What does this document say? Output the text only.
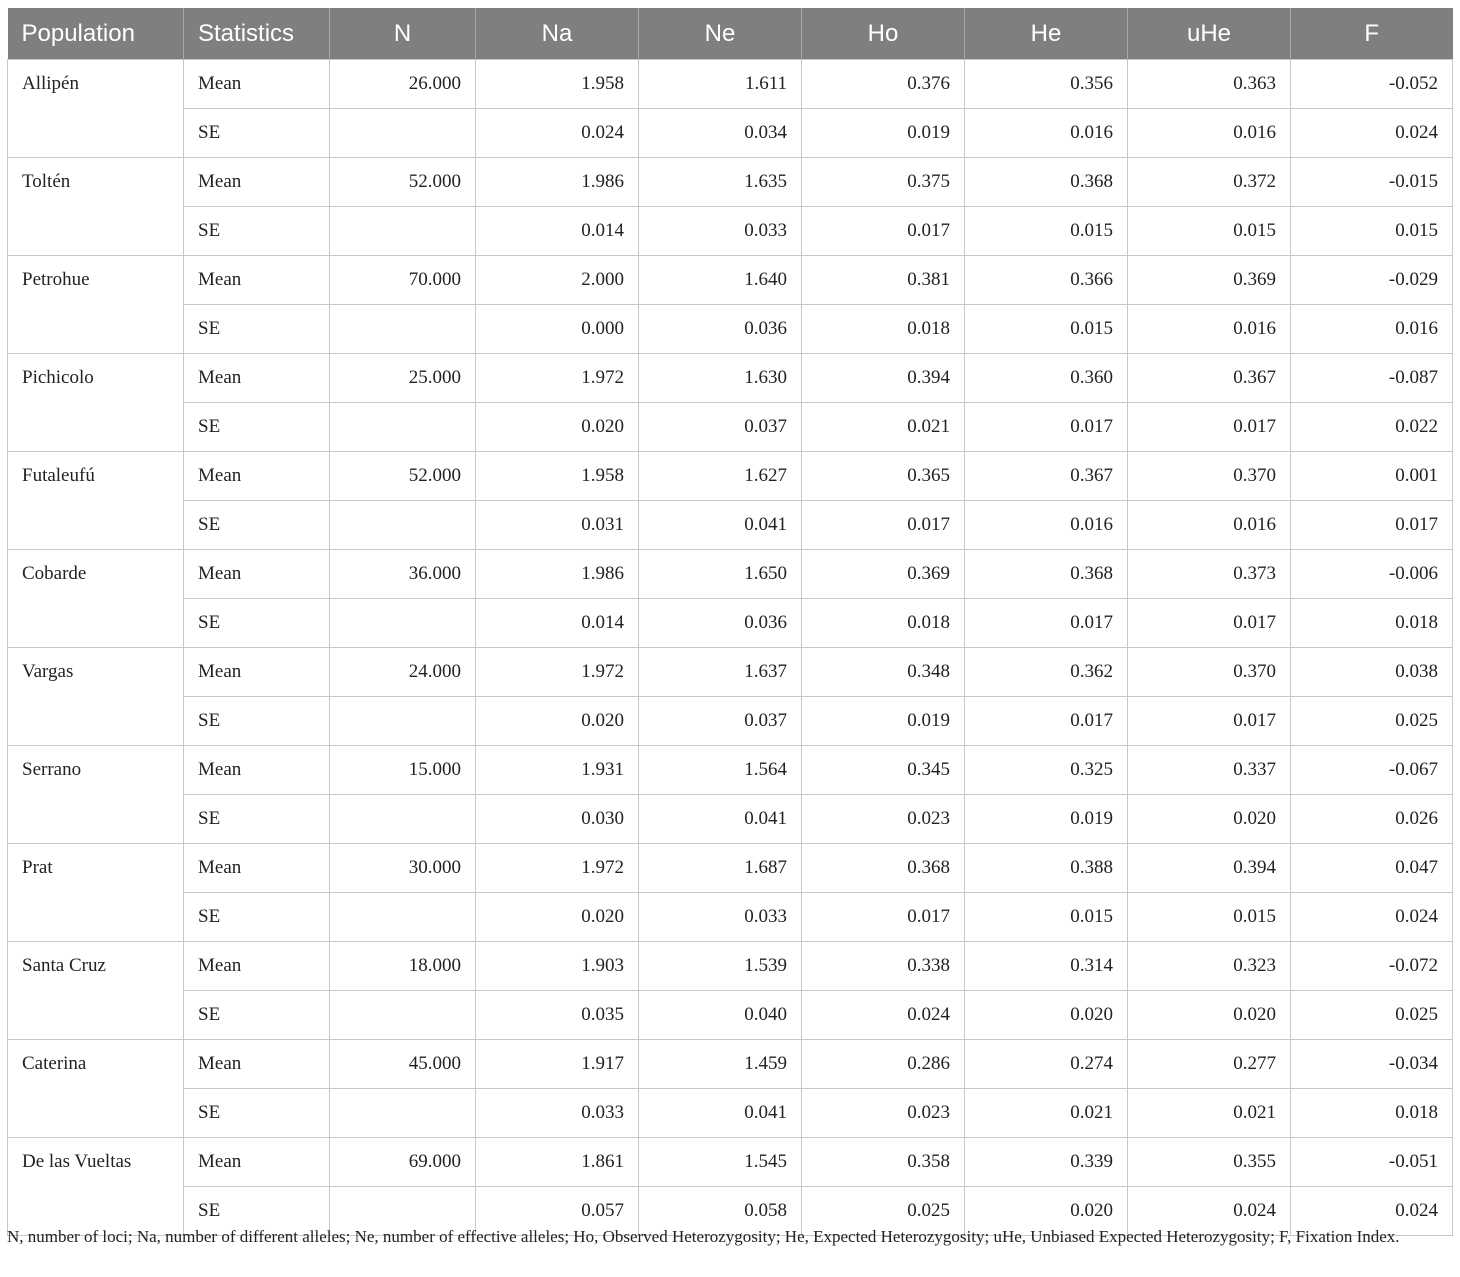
Population	Statistics	N	Na	Ne	Ho	He	uHe	F
Allipén	Mean	26.000	1.958	1.611	0.376	0.356	0.363	-0.052
	SE		0.024	0.034	0.019	0.016	0.016	0.024
Toltén	Mean	52.000	1.986	1.635	0.375	0.368	0.372	-0.015
	SE		0.014	0.033	0.017	0.015	0.015	0.015
Petrohue	Mean	70.000	2.000	1.640	0.381	0.366	0.369	-0.029
	SE		0.000	0.036	0.018	0.015	0.016	0.016
Pichicolo	Mean	25.000	1.972	1.630	0.394	0.360	0.367	-0.087
	SE		0.020	0.037	0.021	0.017	0.017	0.022
Futaleufú	Mean	52.000	1.958	1.627	0.365	0.367	0.370	0.001
	SE		0.031	0.041	0.017	0.016	0.016	0.017
Cobarde	Mean	36.000	1.986	1.650	0.369	0.368	0.373	-0.006
	SE		0.014	0.036	0.018	0.017	0.017	0.018
Vargas	Mean	24.000	1.972	1.637	0.348	0.362	0.370	0.038
	SE		0.020	0.037	0.019	0.017	0.017	0.025
Serrano	Mean	15.000	1.931	1.564	0.345	0.325	0.337	-0.067
	SE		0.030	0.041	0.023	0.019	0.020	0.026
Prat	Mean	30.000	1.972	1.687	0.368	0.388	0.394	0.047
	SE		0.020	0.033	0.017	0.015	0.015	0.024
Santa Cruz	Mean	18.000	1.903	1.539	0.338	0.314	0.323	-0.072
	SE		0.035	0.040	0.024	0.020	0.020	0.025
Caterina	Mean	45.000	1.917	1.459	0.286	0.274	0.277	-0.034
	SE		0.033	0.041	0.023	0.021	0.021	0.018
De las Vueltas	Mean	69.000	1.861	1.545	0.358	0.339	0.355	-0.051
	SE		0.057	0.058	0.025	0.020	0.024	0.024
N, number of loci; Na, number of different alleles; Ne, number of effective alleles; Ho, Observed Heterozygosity; He, Expected Heterozygosity; uHe, Unbiased Expected Heterozygosity; F, Fixation Index.
